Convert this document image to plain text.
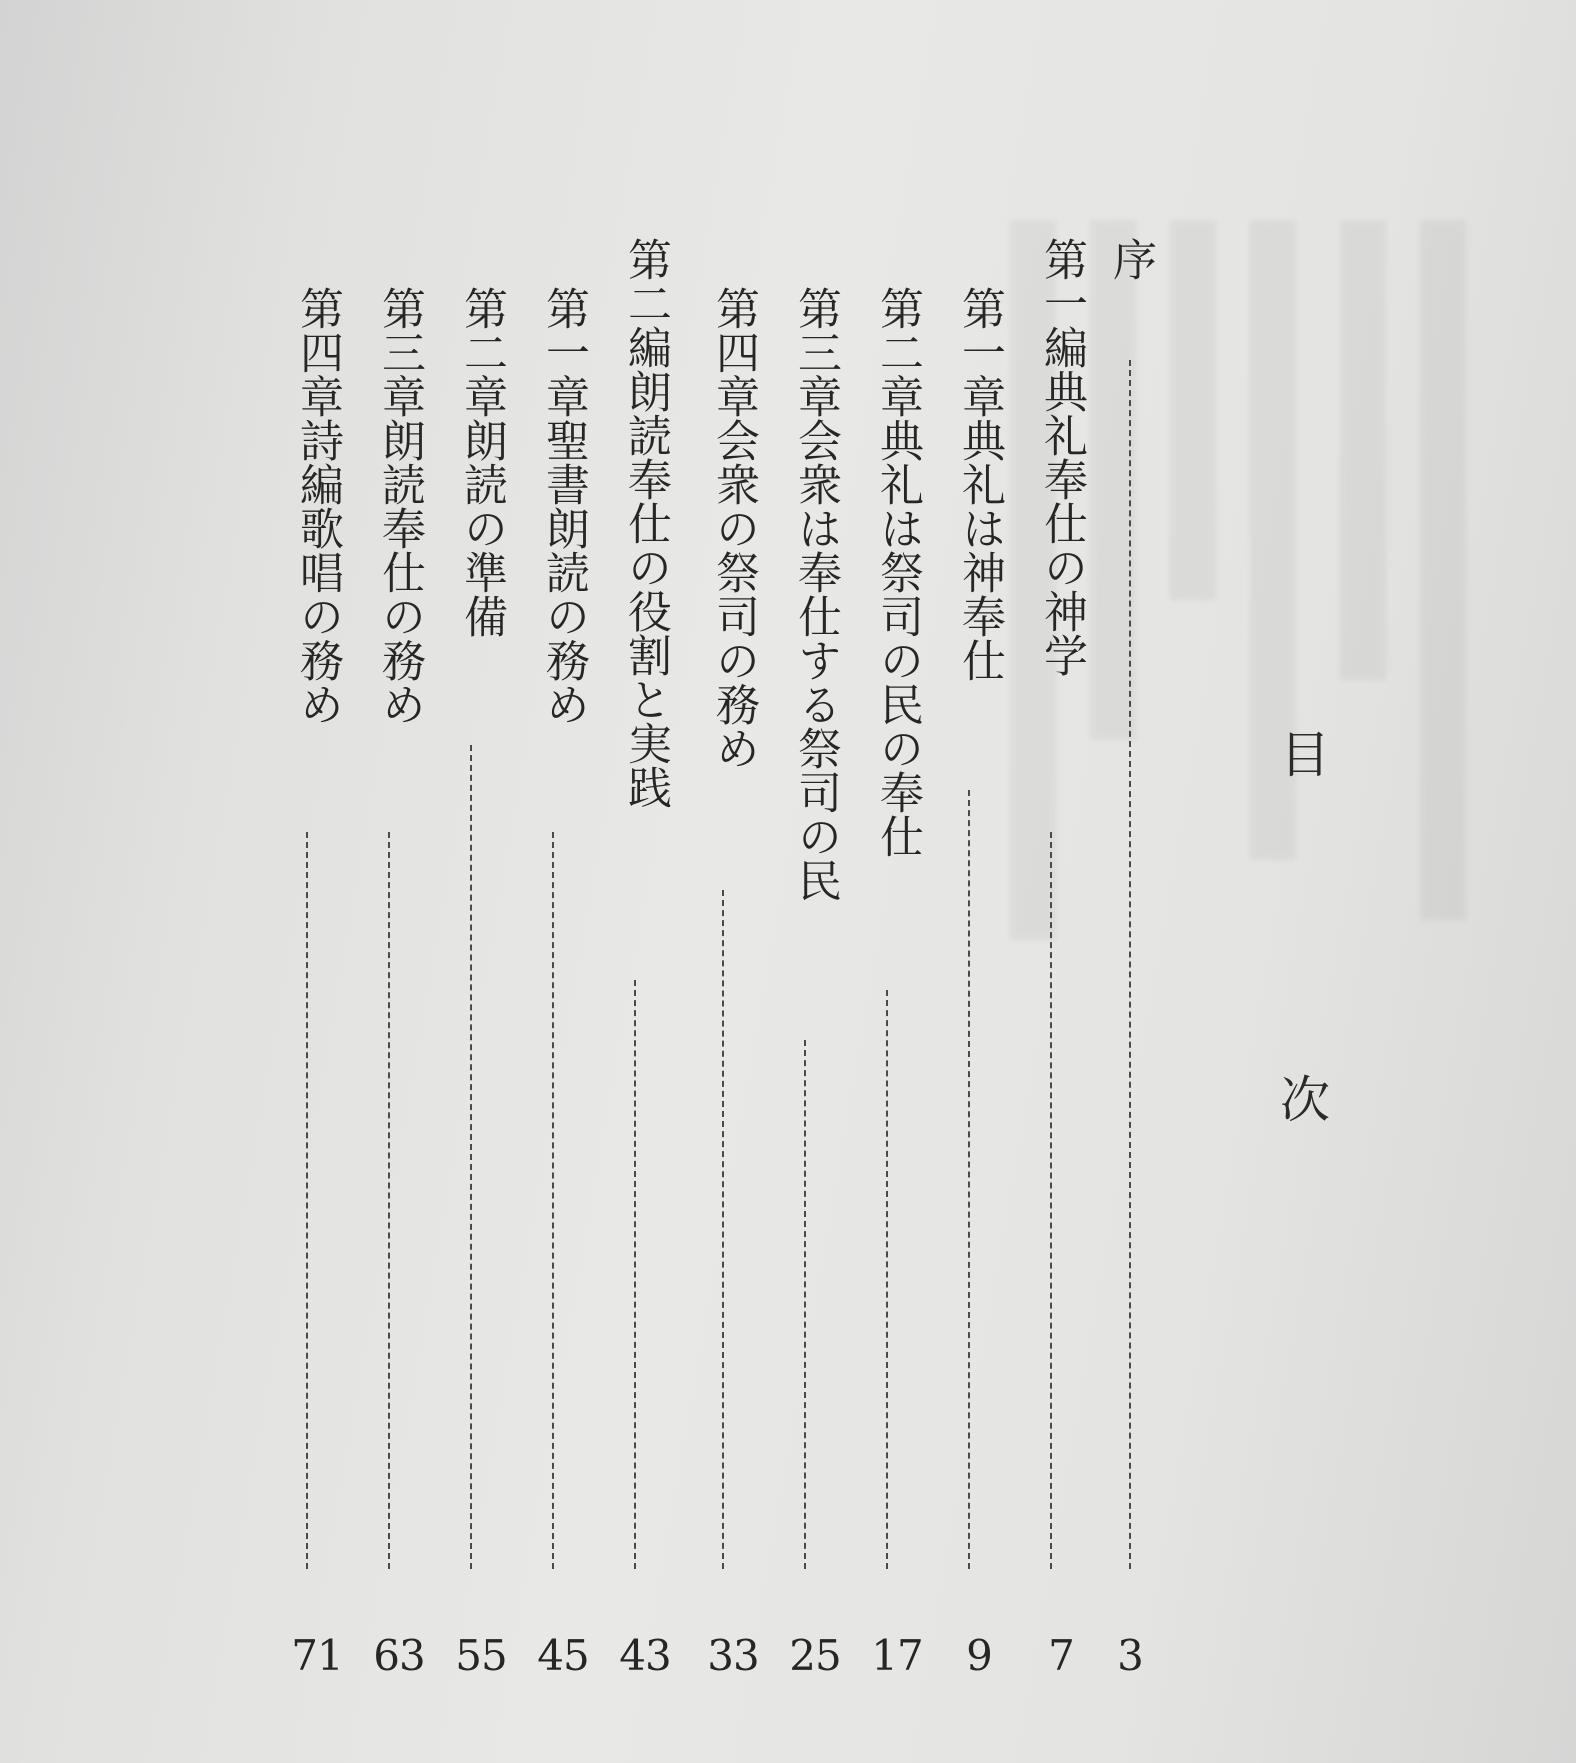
目
次
序
3
第一編典礼奉仕の神学
7
第一章典礼は神奉仕
9
第二章典礼は祭司の民の奉仕
17
第三章会衆は奉仕する祭司の民
25
第四章会衆の祭司の務め
33
第二編朗読奉仕の役割と実践
43
第一章聖書朗読の務め
45
第二章朗読の準備
55
第三章朗読奉仕の務め
63
第四章詩編歌唱の務め
71
